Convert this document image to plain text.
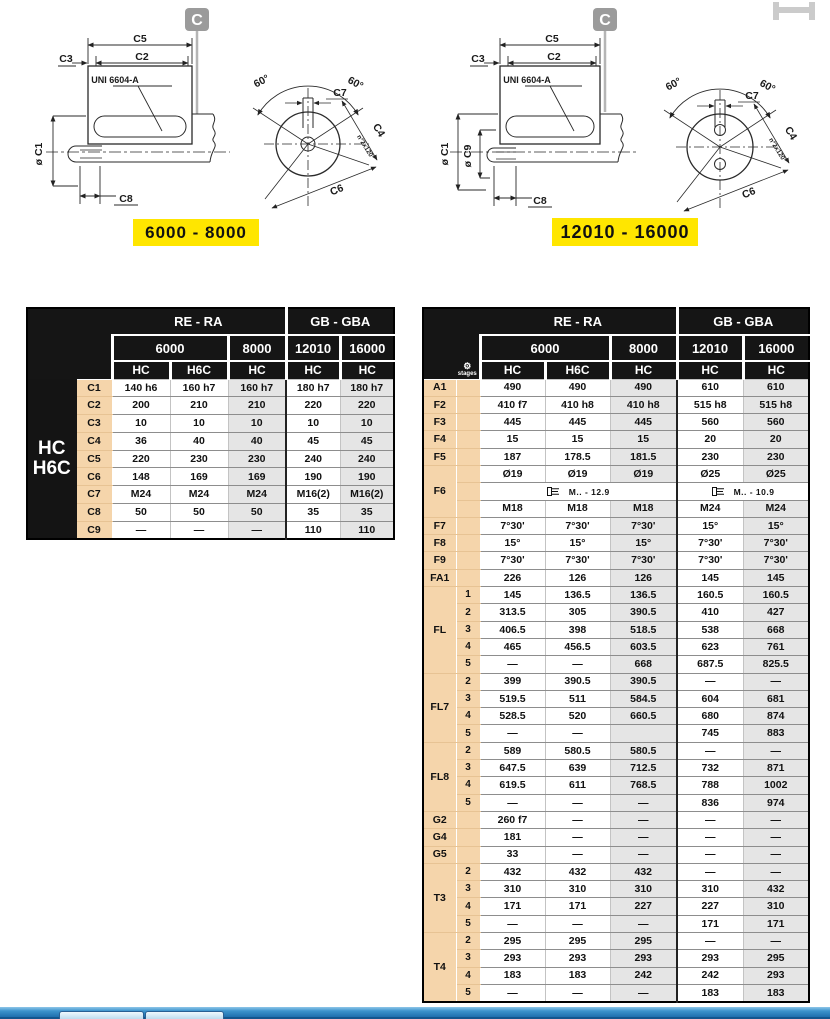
C
C5
C2
C3
UNI 6604-A
ø C1
C8
60°	60°
C7
C4
n°2x120°
C6
C
C5
C2
C3
UNI 6604-A
ø C1 ø C9
C8
60°	60°
C7
C4
n°2x120°
C6
6000 - 8000	12010 - 16000
		RE - RA			GB - GBA	
		6000		8000	12010	16000
		HC	H6C	HC	HC	HC

HC
H6C	C1	140 h6	160 h7	160 h7	180 h7	180 h7
	C2	200	210	210	220	220
	C3	10	10	10	10	10
	C4	36	40	40	45	45
	C5	220	230	230	240	240
	C6	148	169	169	190	190
	C7	M24	M24	M24	M16(2)	M16(2)
	C8	50	50	50	35	35
	C9	—	—	—	110	110
		RE - RA			GB - GBA	
		6000		8000	12010	16000

	⚙
stages	HC	H6C	HC	HC	HC
A1		490	490	490	610	610
F2		410 f7	410 h8	410 h8	515 h8	515 h8
F3		445	445	445	560	560
F4		15	15	15	20	20
F5		187	178.5	181.5	230	230
F6		Ø19	Ø19	Ø19	Ø25	Ø25
		M.. - 12.9			M.. - 10.9	
		M18	M18	M18	M24	M24
F7		7°30'	7°30'	7°30'	15°	15°
F8		15°	15°	15°	7°30'	7°30'
F9		7°30'	7°30'	7°30'	7°30'	7°30'
FA1		226	126	126	145	145
FL	1	145	136.5	136.5	160.5	160.5
	2	313.5	305	390.5	410	427
	3	406.5	398	518.5	538	668
	4	465	456.5	603.5	623	761
	5	—	—	668	687.5	825.5
FL7	2	399	390.5	390.5	—	—
	3	519.5	511	584.5	604	681
	4	528.5	520	660.5	680	874
	5	—	—		745	883
FL8	2	589	580.5	580.5	—	—
	3	647.5	639	712.5	732	871
	4	619.5	611	768.5	788	1002
	5	—	—	—	836	974
G2		260 f7	—	—	—	—
G4		181	—	—	—	—
G5		33	—	—	—	—
T3	2	432	432	432	—	—
	3	310	310	310	310	432
	4	171	171	227	227	310
	5	—	—	—	171	171
T4	2	295	295	295	—	—
	3	293	293	293	293	295
	4	183	183	242	242	293
	5	—	—	—	183	183
